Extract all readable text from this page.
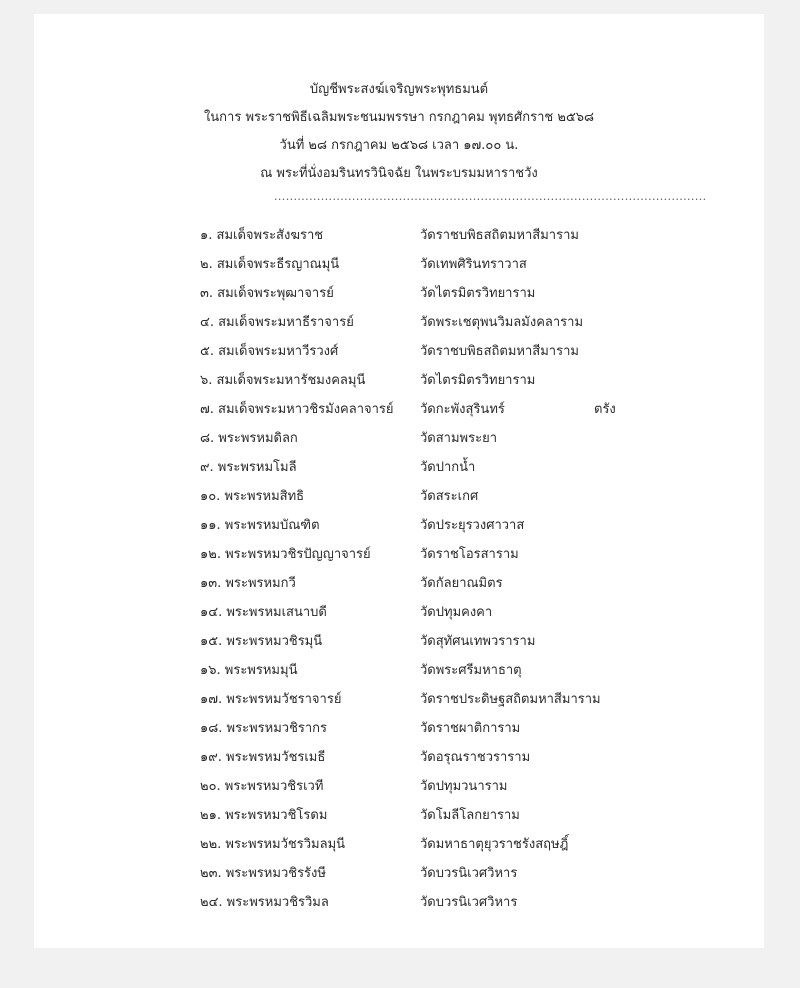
บัญชีพระสงฆ์เจริญพระพุทธมนต์
ในการ พระราชพิธีเฉลิมพระชนมพรรษา กรกฎาคม พุทธศักราช ๒๕๖๘
วันที่ ๒๘ กรกฎาคม ๒๕๖๘ เวลา ๑๗.๐๐ น.
ณ พระที่นั่งอมรินทรวินิจฉัย ในพระบรมมหาราชวัง
...............................................................................................................
๑. สมเด็จพระสังฆราช	วัดราชบพิธสถิตมหาสีมาราม
๒. สมเด็จพระธีรญาณมุนี	วัดเทพศิรินทราวาส
๓. สมเด็จพระพุฒาจารย์	วัดไตรมิตรวิทยาราม
๔. สมเด็จพระมหาธีราจารย์	วัดพระเชตุพนวิมลมังคลาราม
๕. สมเด็จพระมหาวีรวงศ์	วัดราชบพิธสถิตมหาสีมาราม
๖. สมเด็จพระมหารัชมงคลมุนี	วัดไตรมิตรวิทยาราม
๗. สมเด็จพระมหาวชิรมังคลาจารย์ วัดกะพังสุรินทร์	ตรัง
๘. พระพรหมดิลก	วัดสามพระยา
๙. พระพรหมโมลี	วัดปากน้ำ
๑๐. พระพรหมสิทธิ	วัดสระเกศ
๑๑. พระพรหมบัณฑิต	วัดประยุรวงศาวาส
๑๒. พระพรหมวชิรปัญญาจารย์	วัดราชโอรสาราม
๑๓. พระพรหมกวี	วัดกัลยาณมิตร
๑๔. พระพรหมเสนาบดี	วัดปทุมคงคา
๑๕. พระพรหมวชิรมุนี	วัดสุทัศนเทพวราราม
๑๖. พระพรหมมุนี	วัดพระศรีมหาธาตุ
๑๗. พระพรหมวัชราจารย์	วัดราชประดิษฐสถิตมหาสีมาราม
๑๘. พระพรหมวชิรากร	วัดราชผาติการาม
๑๙. พระพรหมวัชรเมธี	วัดอรุณราชวราราม
๒๐. พระพรหมวชิรเวที	วัดปทุมวนาราม
๒๑. พระพรหมวชิโรดม	วัดโมลีโลกยาราม
๒๒. พระพรหมวัชรวิมลมุนี	วัดมหาธาตุยุวราชรังสฤษฎิ์
๒๓. พระพรหมวชิรรังษี	วัดบวรนิเวศวิหาร
๒๔. พระพรหมวชิรวิมล	วัดบวรนิเวศวิหาร
